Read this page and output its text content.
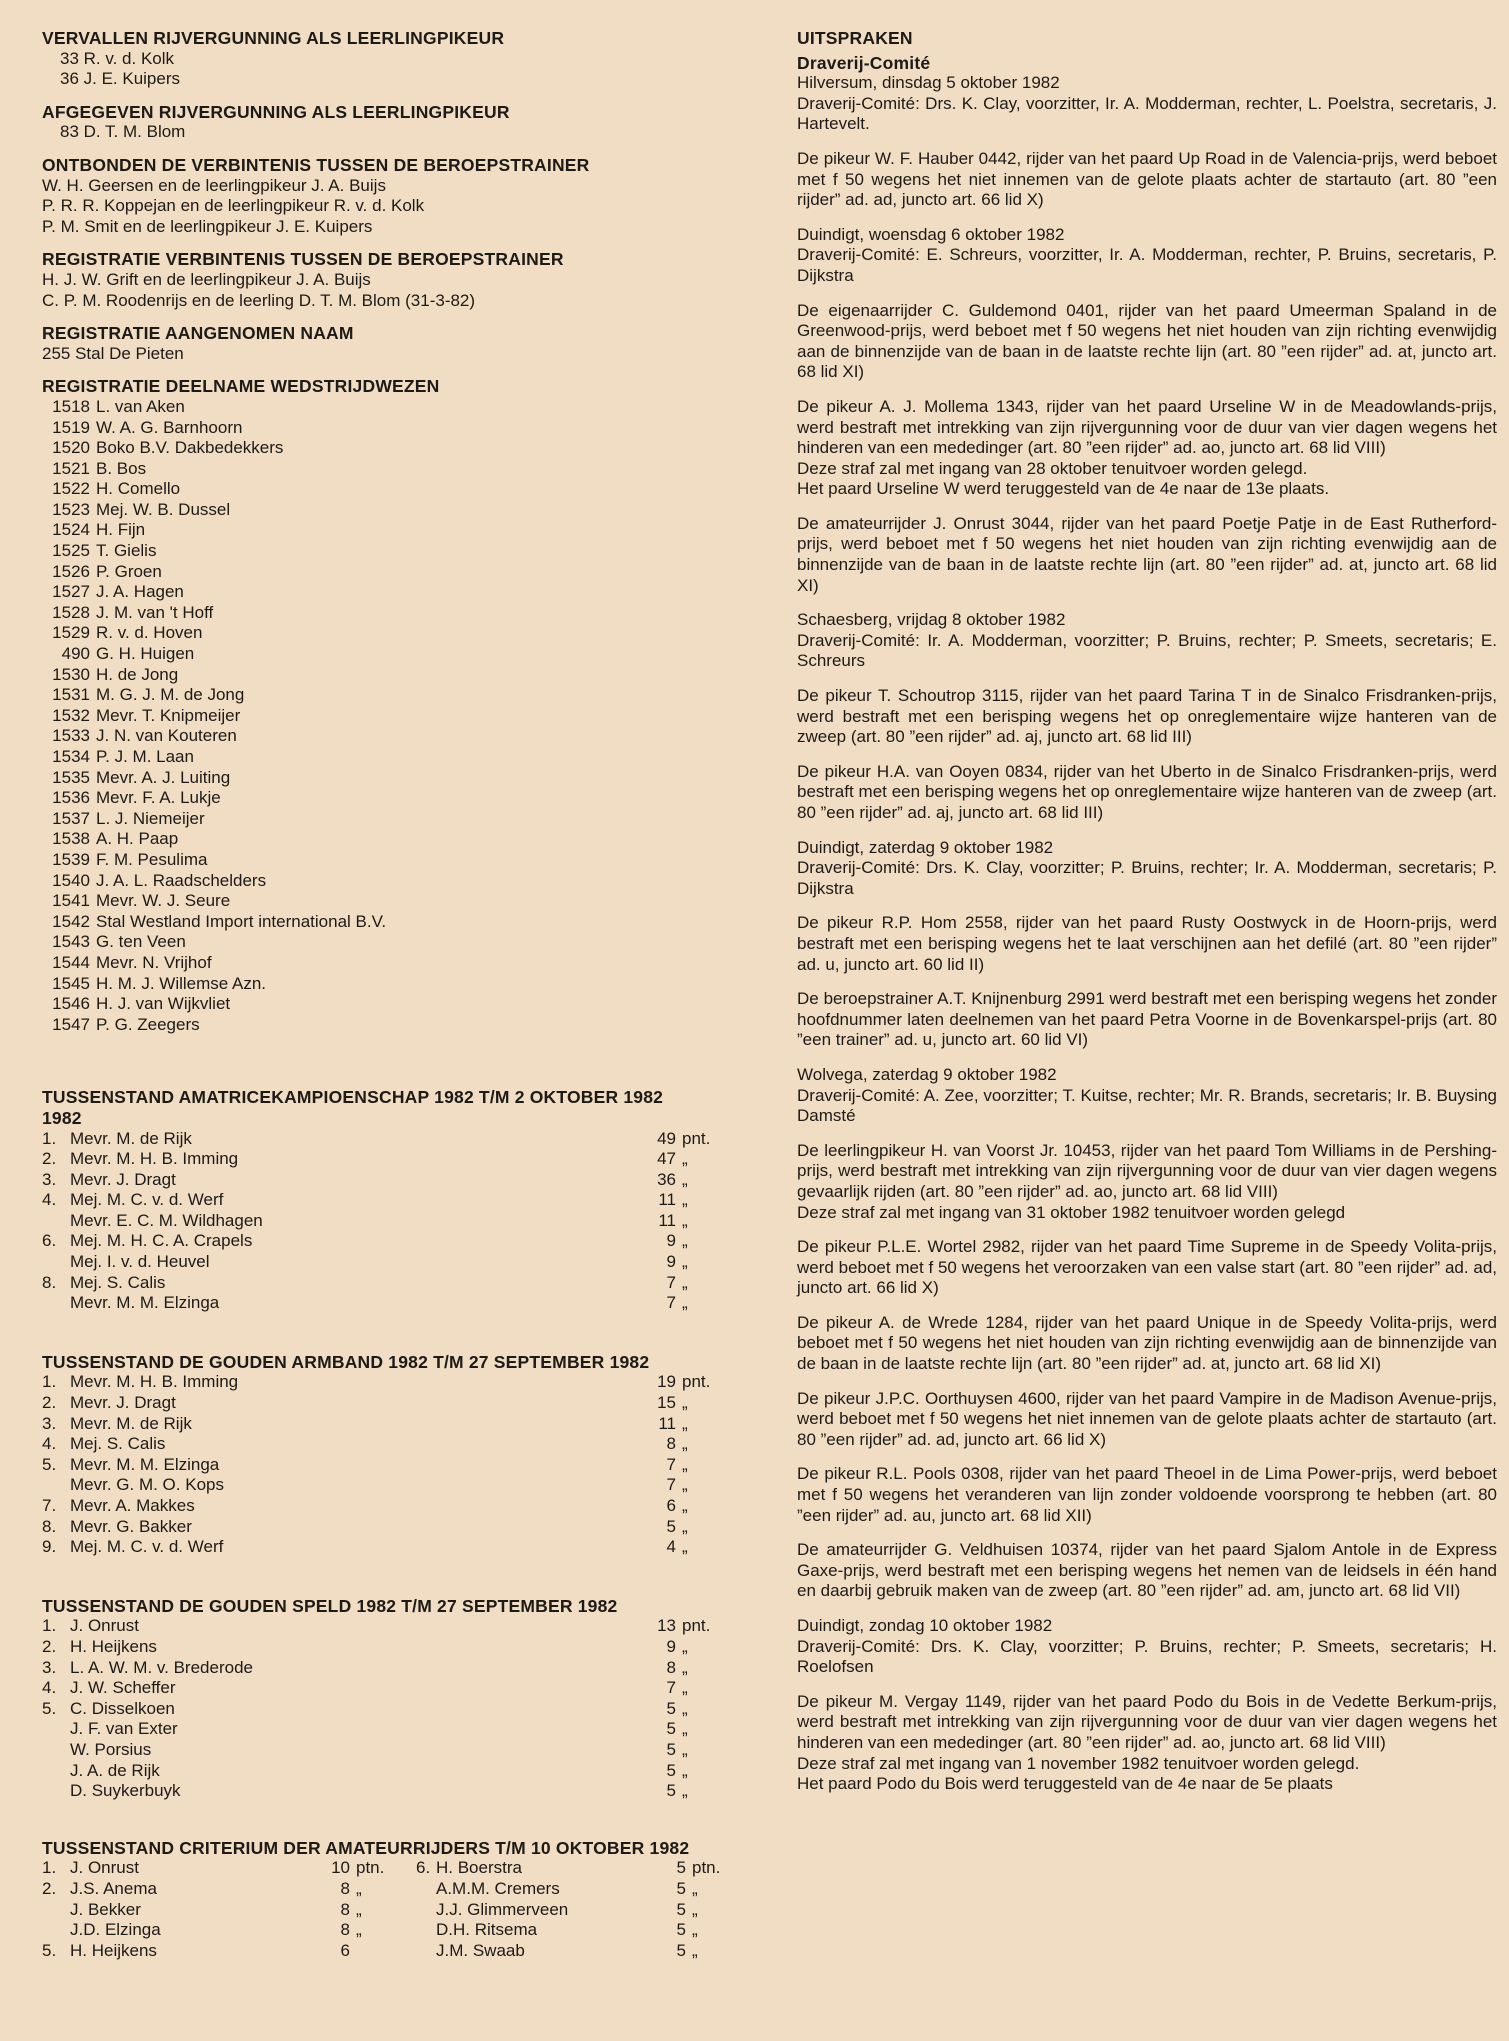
VERVALLEN RIJVERGUNNING ALS LEERLINGPIKEUR
33 R. v. d. Kolk
36 J. E. Kuipers
AFGEGEVEN RIJVERGUNNING ALS LEERLINGPIKEUR
83 D. T. M. Blom
ONTBONDEN DE VERBINTENIS TUSSEN DE BEROEPSTRAINER
W. H. Geersen en de leerlingpikeur J. A. Buijs
P. R. R. Koppejan en de leerlingpikeur R. v. d. Kolk
P. M. Smit en de leerlingpikeur J. E. Kuipers
REGISTRATIE VERBINTENIS TUSSEN DE BEROEPSTRAINER
H. J. W. Grift en de leerlingpikeur J. A. Buijs
C. P. M. Roodenrijs en de leerling D. T. M. Blom (31-3-82)
REGISTRATIE AANGENOMEN NAAM
255 Stal De Pieten
REGISTRATIE DEELNAME WEDSTRIJDWEZEN
1518 L. van Aken
1519 W. A. G. Barnhoorn
1520 Boko B.V. Dakbedekkers
1521 B. Bos
1522 H. Comello
1523 Mej. W. B. Dussel
1524 H. Fijn
1525 T. Gielis
1526 P. Groen
1527 J. A. Hagen
1528 J. M. van 't Hoff
1529 R. v. d. Hoven
490 G. H. Huigen
1530 H. de Jong
1531 M. G. J. M. de Jong
1532 Mevr. T. Knipmeijer
1533 J. N. van Kouteren
1534 P. J. M. Laan
1535 Mevr. A. J. Luiting
1536 Mevr. F. A. Lukje
1537 L. J. Niemeijer
1538 A. H. Paap
1539 F. M. Pesulima
1540 J. A. L. Raadschelders
1541 Mevr. W. J. Seure
1542 Stal Westland Import international B.V.
1543 G. ten Veen
1544 Mevr. N. Vrijhof
1545 H. M. J. Willemse Azn.
1546 H. J. van Wijkvliet
1547 P. G. Zeegers
TUSSENSTAND AMATRICEKAMPIOENSCHAP 1982 T/M 2 OKTOBER 1982
1982
1. Mevr. M. de Rijk	49 pnt.
2. Mevr. M. H. B. Imming	47 „
3. Mevr. J. Dragt	36 „
4. Mej. M. C. v. d. Werf	11 „
Mevr. E. C. M. Wildhagen	11 „
6. Mej. M. H. C. A. Crapels	9 „
Mej. I. v. d. Heuvel	9 „
8. Mej. S. Calis	7 „
Mevr. M. M. Elzinga	7 „
TUSSENSTAND DE GOUDEN ARMBAND 1982 T/M 27 SEPTEMBER 1982
1. Mevr. M. H. B. Imming	19 pnt.
2. Mevr. J. Dragt	15 „
3. Mevr. M. de Rijk	11 „
4. Mej. S. Calis	8 „
5. Mevr. M. M. Elzinga	7 „
Mevr. G. M. O. Kops	7 „
7. Mevr. A. Makkes	6 „
8. Mevr. G. Bakker	5 „
9. Mej. M. C. v. d. Werf	4 „
TUSSENSTAND DE GOUDEN SPELD 1982 T/M 27 SEPTEMBER 1982
1. J. Onrust	13 pnt.
2. H. Heijkens	9 „
3. L. A. W. M. v. Brederode	8 „
4. J. W. Scheffer	7 „
5. C. Disselkoen	5 „
J. F. van Exter	5 „
W. Porsius	5 „
J. A. de Rijk	5 „
D. Suykerbuyk	5 „
TUSSENSTAND CRITERIUM DER AMATEURRIJDERS T/M 10 OKTOBER 1982
1. J. Onrust	10 ptn.	6. H. Boerstra	5 ptn.
2. J.S. Anema	8 „	A.M.M. Cremers	5 „
J. Bekker	8 „	J.J. Glimmerveen	5 „
J.D. Elzinga	8 „	D.H. Ritsema	5 „
5. H. Heijkens	6	J.M. Swaab	5 „
UITSPRAKEN
Draverij-Comité
Hilversum, dinsdag 5 oktober 1982
Draverij-Comité: Drs. K. Clay, voorzitter, Ir. A. Modderman, rechter, L. Poelstra, secretaris, J. Hartevelt.
De pikeur W. F. Hauber 0442, rijder van het paard Up Road in de Valencia-prijs, werd beboet met f 50 wegens het niet innemen van de gelote plaats achter de startauto (art. 80 ”een rijder” ad. ad, juncto art. 66 lid X)
Duindigt, woensdag 6 oktober 1982
Draverij-Comité: E. Schreurs, voorzitter, Ir. A. Modderman, rechter, P. Bruins, secretaris, P. Dijkstra
De eigenaarrijder C. Guldemond 0401, rijder van het paard Umeerman Spaland in de Greenwood-prijs, werd beboet met f 50 wegens het niet houden van zijn richting evenwijdig aan de binnenzijde van de baan in de laatste rechte lijn (art. 80 ”een rijder” ad. at, juncto art. 68 lid XI)
De pikeur A. J. Mollema 1343, rijder van het paard Urseline W in de Meadowlands-prijs, werd bestraft met intrekking van zijn rijvergunning voor de duur van vier dagen wegens het hinderen van een mededinger (art. 80 ”een rijder” ad. ao, juncto art. 68 lid VIII)
Deze straf zal met ingang van 28 oktober tenuitvoer worden gelegd.
Het paard Urseline W werd teruggesteld van de 4e naar de 13e plaats.
De amateurrijder J. Onrust 3044, rijder van het paard Poetje Patje in de East Rutherford-prijs, werd beboet met f 50 wegens het niet houden van zijn richting evenwijdig aan de binnenzijde van de baan in de laatste rechte lijn (art. 80 ”een rijder” ad. at, juncto art. 68 lid XI)
Schaesberg, vrijdag 8 oktober 1982
Draverij-Comité: Ir. A. Modderman, voorzitter; P. Bruins, rechter; P. Smeets, secretaris; E. Schreurs
De pikeur T. Schoutrop 3115, rijder van het paard Tarina T in de Sinalco Frisdranken-prijs, werd bestraft met een berisping wegens het op onreglementaire wijze hanteren van de zweep (art. 80 ”een rijder” ad. aj, juncto art. 68 lid III)
De pikeur H.A. van Ooyen 0834, rijder van het Uberto in de Sinalco Frisdranken-prijs, werd bestraft met een berisping wegens het op onreglementaire wijze hanteren van de zweep (art. 80 ”een rijder” ad. aj, juncto art. 68 lid III)
Duindigt, zaterdag 9 oktober 1982
Draverij-Comité: Drs. K. Clay, voorzitter; P. Bruins, rechter; Ir. A. Modderman, secretaris; P. Dijkstra
De pikeur R.P. Hom 2558, rijder van het paard Rusty Oostwyck in de Hoorn-prijs, werd bestraft met een berisping wegens het te laat verschijnen aan het defilé (art. 80 ”een rijder” ad. u, juncto art. 60 lid II)
De beroepstrainer A.T. Knijnenburg 2991 werd bestraft met een berisping wegens het zonder hoofdnummer laten deelnemen van het paard Petra Voorne in de Bovenkarspel-prijs (art. 80 ”een trainer” ad. u, juncto art. 60 lid VI)
Wolvega, zaterdag 9 oktober 1982
Draverij-Comité: A. Zee, voorzitter; T. Kuitse, rechter; Mr. R. Brands, secretaris; Ir. B. Buysing Damsté
De leerlingpikeur H. van Voorst Jr. 10453, rijder van het paard Tom Williams in de Pershing-prijs, werd bestraft met intrekking van zijn rijvergunning voor de duur van vier dagen wegens gevaarlijk rijden (art. 80 ”een rijder” ad. ao, juncto art. 68 lid VIII)
Deze straf zal met ingang van 31 oktober 1982 tenuitvoer worden gelegd
De pikeur P.L.E. Wortel 2982, rijder van het paard Time Supreme in de Speedy Volita-prijs, werd beboet met f 50 wegens het veroorzaken van een valse start (art. 80 ”een rijder” ad. ad, juncto art. 66 lid X)
De pikeur A. de Wrede 1284, rijder van het paard Unique in de Speedy Volita-prijs, werd beboet met f 50 wegens het niet houden van zijn richting evenwijdig aan de binnenzijde van de baan in de laatste rechte lijn (art. 80 ”een rijder” ad. at, juncto art. 68 lid XI)
De pikeur J.P.C. Oorthuysen 4600, rijder van het paard Vampire in de Madison Avenue-prijs, werd beboet met f 50 wegens het niet innemen van de gelote plaats achter de startauto (art. 80 ”een rijder” ad. ad, juncto art. 66 lid X)
De pikeur R.L. Pools 0308, rijder van het paard Theoel in de Lima Power-prijs, werd beboet met f 50 wegens het veranderen van lijn zonder voldoende voorsprong te hebben (art. 80 ”een rijder” ad. au, juncto art. 68 lid XII)
De amateurrijder G. Veldhuisen 10374, rijder van het paard Sjalom Antole in de Express Gaxe-prijs, werd bestraft met een berisping wegens het nemen van de leidsels in één hand en daarbij gebruik maken van de zweep (art. 80 ”een rijder” ad. am, juncto art. 68 lid VII)
Duindigt, zondag 10 oktober 1982
Draverij-Comité: Drs. K. Clay, voorzitter; P. Bruins, rechter; P. Smeets, secretaris; H. Roelofsen
De pikeur M. Vergay 1149, rijder van het paard Podo du Bois in de Vedette Berkum-prijs, werd bestraft met intrekking van zijn rijvergunning voor de duur van vier dagen wegens het hinderen van een mededinger (art. 80 ”een rijder” ad. ao, juncto art. 68 lid VIII)
Deze straf zal met ingang van 1 november 1982 tenuitvoer worden gelegd.
Het paard Podo du Bois werd teruggesteld van de 4e naar de 5e plaats
